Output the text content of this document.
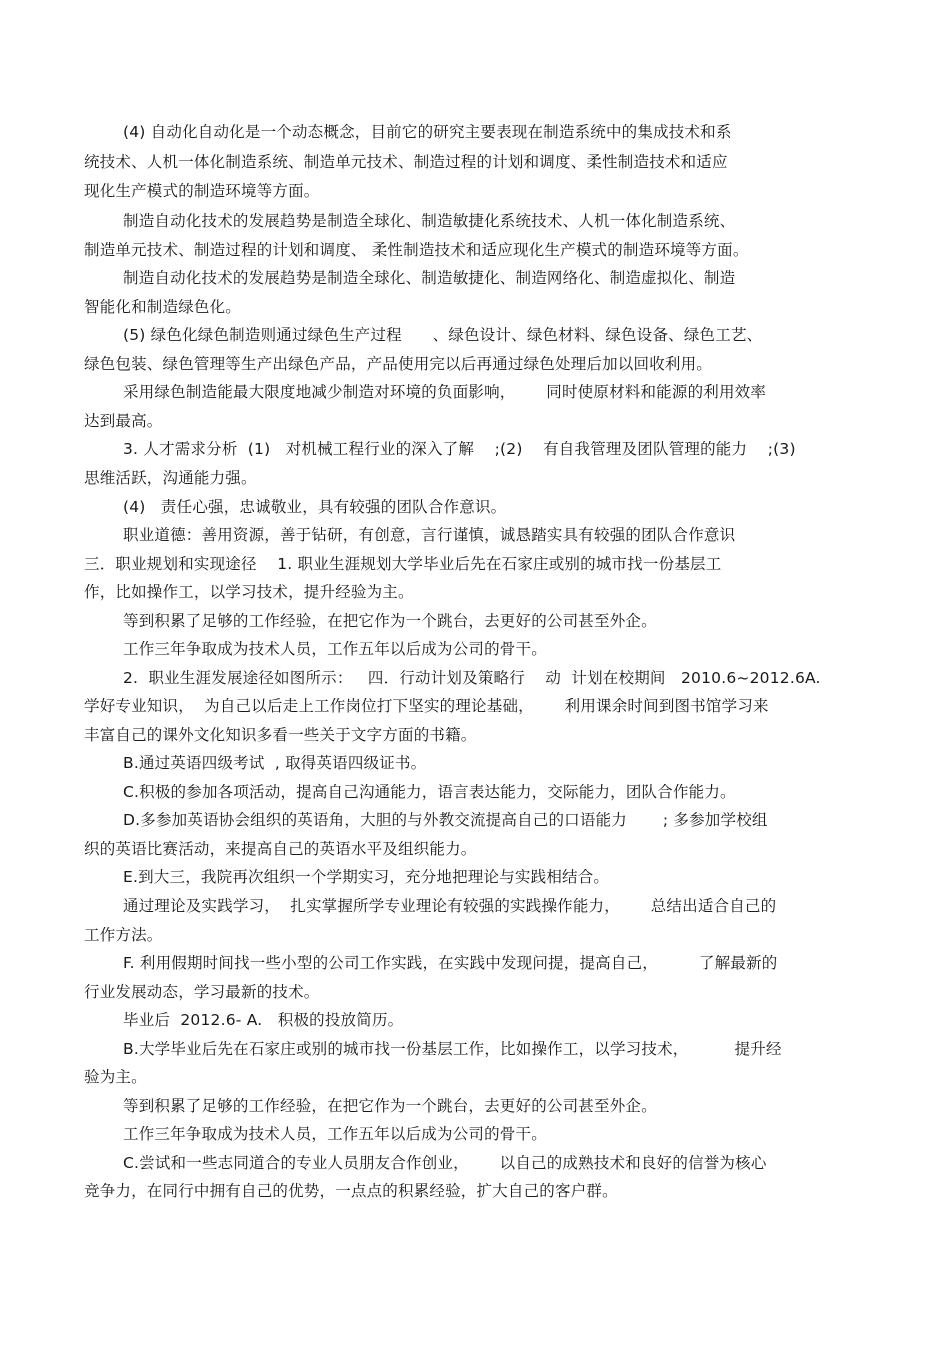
(4) 自动化自动化是一个动态概念，目前它的研究主要表现在制造系统中的集成技术和系
统技术、人机一体化制造系统、制造单元技术、制造过程的计划和调度、柔性制造技术和适应
现化生产模式的制造环境等方面。
制造自动化技术的发展趋势是制造全球化、制造敏捷化系统技术、人机一体化制造系统、
制造单元技术、制造过程的计划和调度、 柔性制造技术和适应现化生产模式的制造环境等方面。
制造自动化技术的发展趋势是制造全球化、制造敏捷化、制造网络化、制造虚拟化、制造
智能化和制造绿色化。
(5) 绿色化绿色制造则通过绿色生产过程      、绿色设计、绿色材料、绿色设备、绿色工艺、
绿色包装、绿色管理等生产出绿色产品，产品使用完以后再通过绿色处理后加以回收利用。
采用绿色制造能最大限度地减少制造对环境的负面影响，      同时使原材料和能源的利用效率
达到最高。
3. 人才需求分析  (1)   对机械工程行业的深入了解    ;(2)    有自我管理及团队管理的能力    ;(3)
思维活跃，沟通能力强。
(4)   责任心强，忠诚敬业，具有较强的团队合作意识。
职业道德：善用资源，善于钻研，有创意，言行谨慎，诚恳踏实具有较强的团队合作意识
三．职业规划和实现途径    1. 职业生涯规划大学毕业后先在石家庄或别的城市找一份基层工
作，比如操作工，以学习技术，提升经验为主。
等到积累了足够的工作经验，在把它作为一个跳台，去更好的公司甚至外企。
工作三年争取成为技术人员，工作五年以后成为公司的骨干。
2.  职业生涯发展途径如图所示：   四．行动计划及策略行    动  计划在校期间   2010.6~2012.6A.
学好专业知识，  为自己以后走上工作岗位打下坚实的理论基础，      利用课余时间到图书馆学习来
丰富自己的课外文化知识多看一些关于文字方面的书籍。
B.通过英语四级考试  , 取得英语四级证书。
C.积极的参加各项活动，提高自己沟通能力，语言表达能力，交际能力，团队合作能力。
D.多参加英语协会组织的英语角，大胆的与外教交流提高自己的口语能力       ; 多参加学校组
织的英语比赛活动，来提高自己的英语水平及组织能力。
E.到大三，我院再次组织一个学期实习，充分地把理论与实践相结合。
通过理论及实践学习，  扎实掌握所学专业理论有较强的实践操作能力，      总结出适合自己的
工作方法。
F. 利用假期时间找一些小型的公司工作实践，在实践中发现问提，提高自己，        了解最新的
行业发展动态，学习最新的技术。
毕业后  2012.6- A.   积极的投放简历。
B.大学毕业后先在石家庄或别的城市找一份基层工作，比如操作工，以学习技术，         提升经
验为主。
等到积累了足够的工作经验，在把它作为一个跳台，去更好的公司甚至外企。
工作三年争取成为技术人员，工作五年以后成为公司的骨干。
C.尝试和一些志同道合的专业人员朋友合作创业，      以自己的成熟技术和良好的信誉为核心
竞争力，在同行中拥有自己的优势，一点点的积累经验，扩大自己的客户群。
